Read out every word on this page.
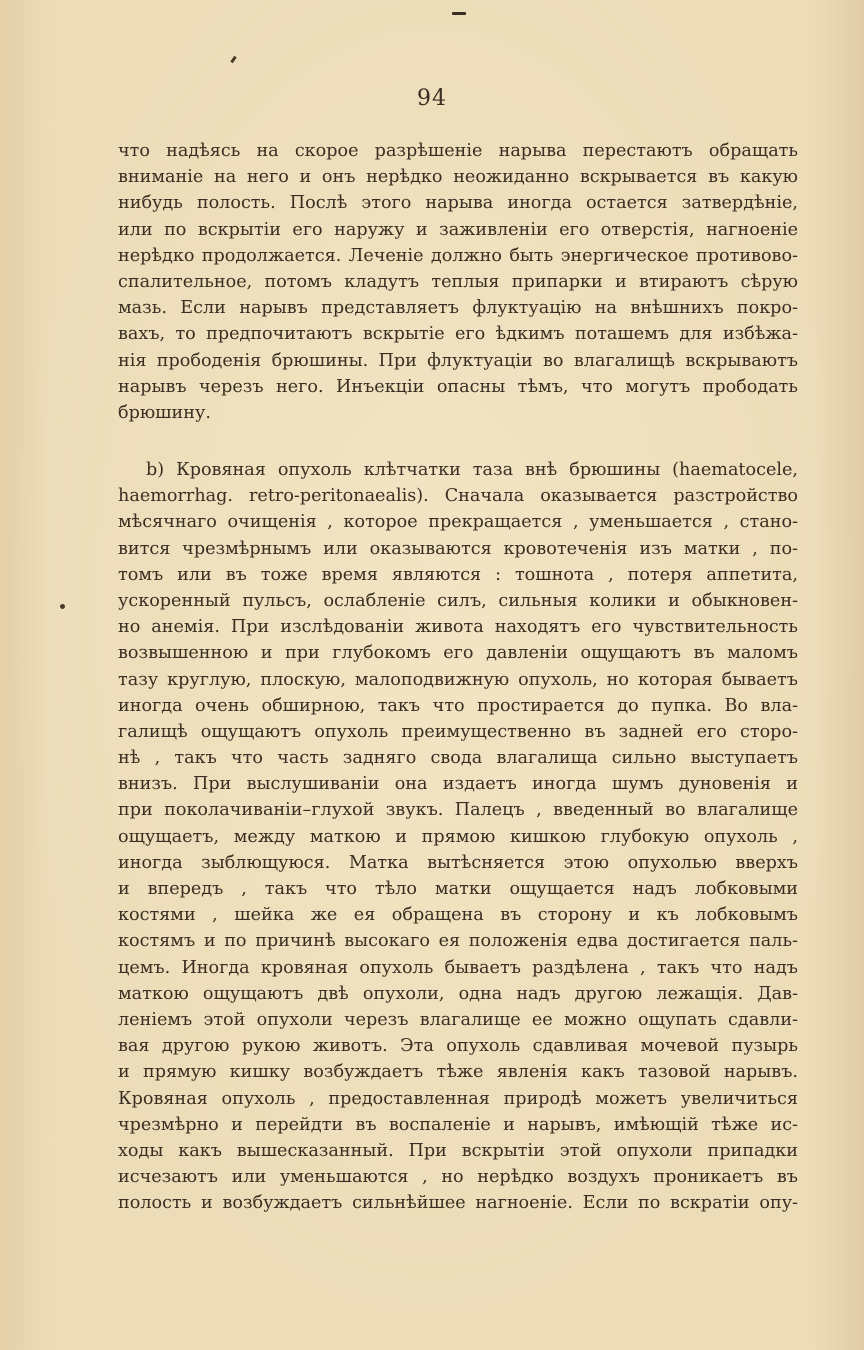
94
что надѣясь на скорое разрѣшеніе нарыва перестаютъ обращать
вниманіе на него и онъ нерѣдко неожиданно вскрывается въ какую
нибудь полость. Послѣ этого нарыва иногда остается затвердѣніе,
или по вскрытіи его наружу и заживленіи его отверстія, нагноеніе
нерѣдко продолжается. Леченіе должно быть энергическое противово-
спалительное, потомъ кладутъ теплыя припарки и втираютъ сѣрую
мазь. Если нарывъ представляетъ флуктуацію на внѣшнихъ покро-
вахъ, то предпочитаютъ вскрытіе его ѣдкимъ поташемъ для избѣжа-
нія прободенія брюшины. При флуктуаціи во влагалищѣ вскрываютъ
нарывъ черезъ него. Инъекціи опасны тѣмъ, что могутъ прободать
брюшину.
b) Кровяная опухоль клѣтчатки таза внѣ брюшины (haematocele,
haemorrhag. retro-peritonaealis). Сначала оказывается разстройство
мѣсячнаго очищенія , которое прекращается , уменьшается , стано-
вится чрезмѣрнымъ или оказываются кровотеченія изъ матки , по-
томъ или въ тоже время являются : тошнота , потеря аппетита,
ускоренный пульсъ, ослабленіе силъ, сильныя колики и обыкновен-
но анемія. При изслѣдованіи живота находятъ его чувствительность
возвышенною и при глубокомъ его давленіи ощущаютъ въ маломъ
тазу круглую, плоскую, малоподвижную опухоль, но которая бываетъ
иногда очень обширною, такъ что простирается до пупка. Во вла-
галищѣ ощущаютъ опухоль преимущественно въ задней его сторо-
нѣ , такъ что часть задняго свода влагалища сильно выступаетъ
внизъ. При выслушиваніи она издаетъ иногда шумъ дуновенія и
при поколачиваніи–глухой звукъ. Палецъ , введенный во влагалище
ощущаетъ, между маткою и прямою кишкою глубокую опухоль ,
иногда зыблющуюся. Матка вытѣсняется этою опухолью вверхъ
и впередъ , такъ что тѣло матки ощущается надъ лобковыми
костями , шейка же ея обращена въ сторону и къ лобковымъ
костямъ и по причинѣ высокаго ея положенія едва достигается паль-
цемъ. Иногда кровяная опухоль бываетъ раздѣлена , такъ что надъ
маткою ощущаютъ двѣ опухоли, одна надъ другою лежащія. Дав-
леніемъ этой опухоли черезъ влагалище ее можно ощупать сдавли-
вая другою рукою животъ. Эта опухоль сдавливая мочевой пузырь
и прямую кишку возбуждаетъ тѣже явленія какъ тазовой нарывъ.
Кровяная опухоль , предоставленная природѣ можетъ увеличиться
чрезмѣрно и перейдти въ воспаленіе и нарывъ, имѣющій тѣже ис-
ходы какъ вышесказанный. При вскрытіи этой опухоли припадки
исчезаютъ или уменьшаются , но нерѣдко воздухъ проникаетъ въ
полость и возбуждаетъ сильнѣйшее нагноеніе. Если по вскратіи опу-
